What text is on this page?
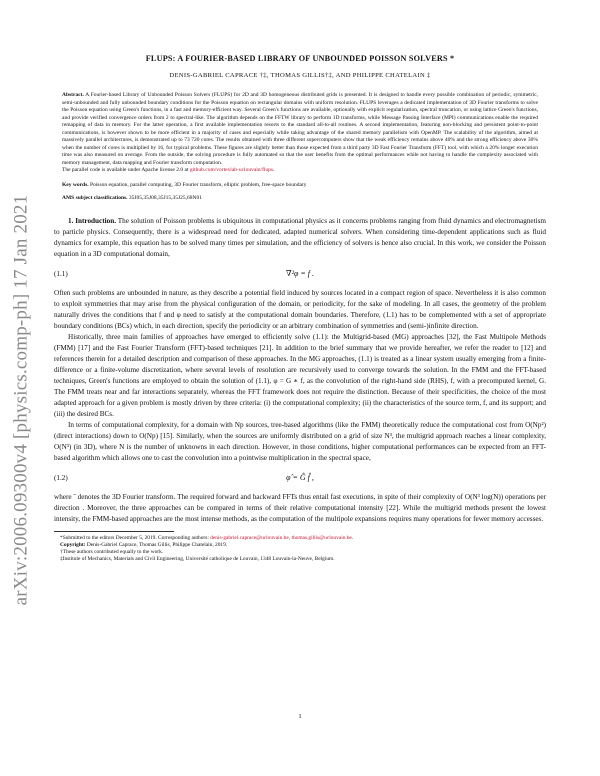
arXiv:2006.09300v4 [physics.comp-ph] 17 Jan 2021
FLUPS: A FOURIER-BASED LIBRARY OF UNBOUNDED POISSON SOLVERS *
DENIS-GABRIEL CAPRACE †‡, THOMAS GILLIS†‡, AND PHILIPPE CHATELAIN ‡
Abstract. A Fourier-based Library of Unbounded Poisson Solvers (FLUPS) for 2D and 3D homogeneous distributed grids is presented. It is designed to handle every possible combination of periodic, symmetric, semi-unbounded and fully unbounded boundary conditions for the Poisson equation on rectangular domains with uniform resolution. FLUPS leverages a dedicated implementation of 3D Fourier transforms to solve the Poisson equation using Green's functions, in a fast and memory-efficient way. Several Green's functions are available, optionally with explicit regularization, spectral truncation, or using lattice Green's functions, and provide verified convergence orders from 2 to spectral-like. The algorithm depends on the FFTW library to perform 1D transforms, while Message Passing Interface (MPI) communications enable the required remapping of data in memory. For the latter operation, a first available implementation resorts to the standard all-to-all routines. A second implementation, featuring non-blocking and persistent point-to-point communications, is however shown to be more efficient in a majority of cases and especially while taking advantage of the shared memory parallelism with OpenMP. The scalability of the algorithm, aimed at massively parallel architectures, is demonstrated up to 73 720 cores. The results obtained with three different supercomputers show that the weak efficiency remains above 40% and the strong efficiency above 30% when the number of cores is multiplied by 16, for typical problems. These figures are slightly better than those expected from a third party 3D Fast Fourier Transform (FFT) tool, with which a 20% longer execution time was also measured on average. From the outside, the solving procedure is fully automated so that the user benefits from the optimal performances while not having to handle the complexity associated with memory management, data mapping and Fourier transform computation.
The parallel code is available under Apache license 2.0 at github.com/vortexlab-uclouvain/flups.
Key words. Poisson equation, parallel computing, 3D Fourier transform, elliptic problem, free-space boundary
AMS subject classifications. 35J05,35J08,35J15,35J25,68N01

1. Introduction. The solution of Poisson problems is ubiquitous in computational physics as it concerns problems ranging from fluid dynamics and electromagnetism to particle physics. Consequently, there is a widespread need for dedicated, adapted numerical solvers. When considering time-dependent applications such as fluid dynamics for example, this equation has to be solved many times per simulation, and the efficiency of solvers is hence also crucial. In this work, we consider the Poisson equation in a 3D computational domain,

(1.1)	∇²φ = f .

Often such problems are unbounded in nature, as they describe a potential field induced by sources located in a compact region of space. Nevertheless it is also common to exploit symmetries that may arise from the physical configuration of the domain, or periodicity, for the sake of modeling. In all cases, the geometry of the problem naturally drives the conditions that f and φ need to satisfy at the computational domain boundaries. Therefore, (1.1) has to be complemented with a set of appropriate boundary conditions (BCs) which, in each direction, specify the periodicity or an arbitrary combination of symmetries and (semi-)infinite direction.

Historically, three main families of approaches have emerged to efficiently solve (1.1): the Multigrid-based (MG) approaches [32], the Fast Multipole Methods (FMM) [17] and the Fast Fourier Transform (FFT)-based techniques [21]. In addition to the brief summary that we provide hereafter, we refer the reader to [12] and references therein for a detailed description and comparison of these approaches. In the MG approaches, (1.1) is treated as a linear system usually emerging from a finite-difference or a finite-volume discretization, where several levels of resolution are recursively used to converge towards the solution. In the FMM and the FFT-based techniques, Green's functions are employed to obtain the solution of (1.1), φ = G ∗ f, as the convolution of the right-hand side (RHS), f, with a precomputed kernel, G. The FMM treats near and far interactions separately, whereas the FFT framework does not require the distinction. Because of their specificities, the choice of the most adapted approach for a given problem is mostly driven by three criteria: (i) the computational complexity; (ii) the characteristics of the source term, f, and its support; and (iii) the desired BCs.

In terms of computational complexity, for a domain with Np sources, tree-based algorithms (like the FMM) theoretically reduce the computational cost from O(Np²) (direct interactions) down to O(Np) [15]. Similarly, when the sources are uniformly distributed on a grid of size N³, the multigrid approach reaches a linear complexity, O(N³) (in 3D), where N is the number of unknowns in each direction. However, in those conditions, higher computational performances can be expected from an FFT-based algorithm which allows one to cast the convolution into a pointwise multiplication in the spectral space,

(1.2)	φ̂ = Ĝ f̂ ,

where ˆ denotes the 3D Fourier transform. The required forward and backward FFTs thus entail fast executions, in spite of their complexity of O(N³ log(N)) operations per direction . Moreover, the three approaches can be compared in terms of their relative computational intensity [22]. While the multigrid methods present the lowest intensity, the FMM-based approaches are the most intense methods, as the computation of the multipole expansions requires many operations for fewer memory accesses.

*Submitted to the editors December 5, 2019. Corresponding authors: denis-gabriel.caprace@uclouvain.be, thomas.gillis@uclouvain.be.
Copyright: Denis-Gabriel Caprace, Thomas Gillis, Philippe Chatelain, 2019.
†These authors contributed equally to the work.
‡Institute of Mechanics, Materials and Civil Engineering, Université catholique de Louvain, 1348 Louvain-la-Neuve, Belgium.
1
